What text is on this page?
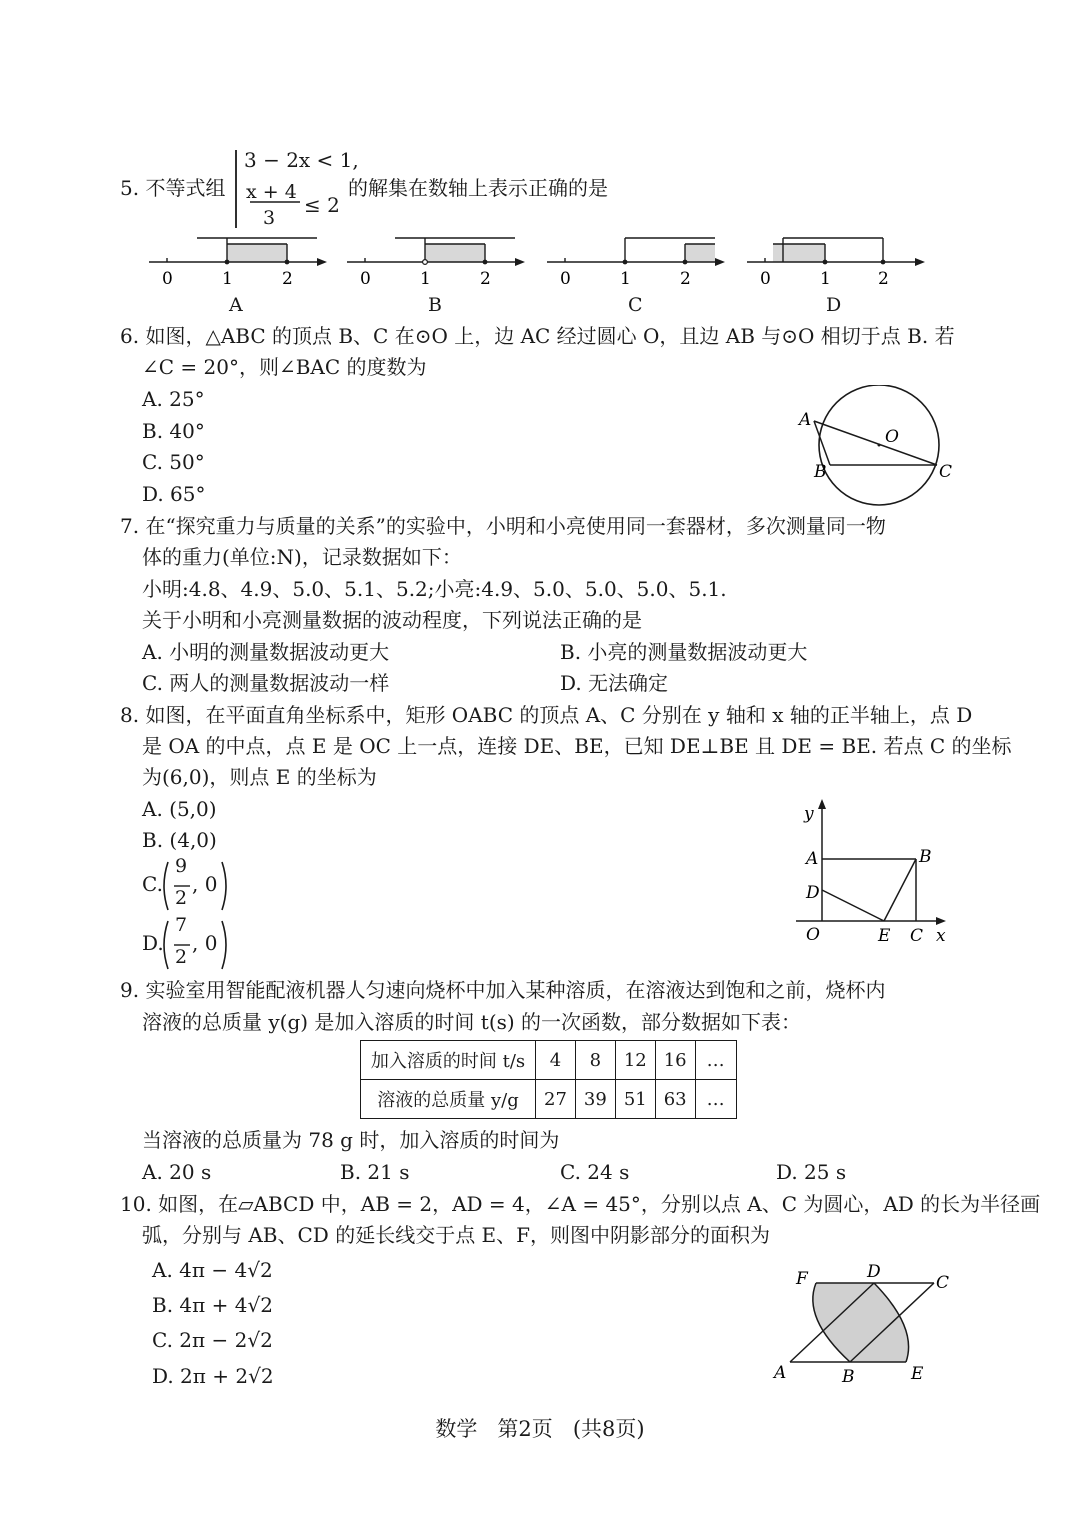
5. 不等式组
3 − 2x < 1,
x + 4
3
≤ 2
的解集在数轴上表示正确的是
0	1	2	0	1	2	0	1	2	0	1	2
A	B	C	D
6. 如图，△ABC 的顶点 B、C 在⊙O 上，边 AC 经过圆心 O，且边 AB 与⊙O 相切于点 B. 若
∠C = 20°，则∠BAC 的度数为
A. 25°
B. 40°
C. 50°
D. 65°
A
O
B	C
7. 在“探究重力与质量的关系”的实验中，小明和小亮使用同一套器材，多次测量同一物
体的重力(单位:N)，记录数据如下：
小明:4.8、4.9、5.0、5.1、5.2;小亮:4.9、5.0、5.0、5.0、5.1.
关于小明和小亮测量数据的波动程度，下列说法正确的是
A. 小明的测量数据波动更大	B. 小亮的测量数据波动更大
C. 两人的测量数据波动一样	D. 无法确定
8. 如图，在平面直角坐标系中，矩形 OABC 的顶点 A、C 分别在 y 轴和 x 轴的正半轴上，点 D
是 OA 的中点，点 E 是 OC 上一点，连接 DE、BE，已知 DE⊥BE 且 DE = BE. 若点 C 的坐标
为(6,0)，则点 E 的坐标为
A. (5,0)
B. (4,0)
C.
9
2
, 0
D.
7
2
, 0
y
A	B
D
O	E C x
9. 实验室用智能配液机器人匀速向烧杯中加入某种溶质，在溶液达到饱和之前，烧杯内
溶液的总质量 y(g) 是加入溶质的时间 t(s) 的一次函数，部分数据如下表：
加入溶质的时间 t/s	4	8	12	16	…
溶液的总质量 y/g	27	39	51	63	…
当溶液的总质量为 78 g 时，加入溶质的时间为
A. 20 s	B. 21 s	C. 24 s	D. 25 s
10. 如图，在▱ABCD 中，AB = 2，AD = 4，∠A = 45°，分别以点 A、C 为圆心，AD 的长为半径画
弧，分别与 AB、CD 的延长线交于点 E、F，则图中阴影部分的面积为
A. 4π − 4√2
B. 4π + 4√2
C. 2π − 2√2
D. 2π + 2√2
F	D
C
A	B	E
数学   第2页   (共8页)
